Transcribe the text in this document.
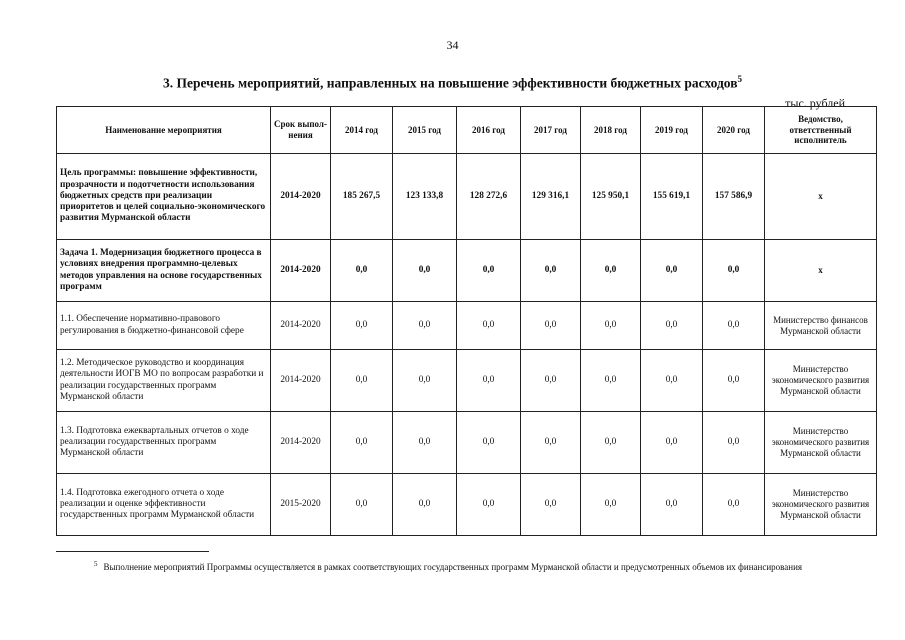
34
3. Перечень мероприятий, направленных на повышение эффективности бюджетных расходов$^5$
тыс. рублей
Наименование мероприятия	Срок выпол-нения	2014 год	2015 год	2016 год	2017 год	2018 год	2019 год	2020 год	Ведомство, ответственный исполнитель
Цель программы: повышение эффективности, прозрачности и подотчетности использования бюджетных средств при реализации приоритетов и целей социально-экономического развития Мурманской области	2014-2020	185 267,5	123 133,8	128 272,6	129 316,1	125 950,1	155 619,1	157 586,9	х
Задача 1. Модернизация бюджетного процесса в условиях внедрения программно-целевых методов управления на основе государственных программ	2014-2020	0,0	0,0	0,0	0,0	0,0	0,0	0,0	х
1.1. Обеспечение нормативно-правового регулирования в бюджетно-финансовой сфере	2014-2020	0,0	0,0	0,0	0,0	0,0	0,0	0,0	Министерство финансов Мурманской области
1.2. Методическое руководство и координация деятельности ИОГВ МО по вопросам разработки и реализации государственных программ Мурманской области	2014-2020	0,0	0,0	0,0	0,0	0,0	0,0	0,0	Министерство экономического развития Мурманской области
1.3. Подготовка ежеквартальных отчетов о ходе реализации государственных программ Мурманской области	2014-2020	0,0	0,0	0,0	0,0	0,0	0,0	0,0	Министерство экономического развития Мурманской области
1.4. Подготовка ежегодного отчета о ходе реализации и оценке эффективности государственных программ Мурманской области	2015-2020	0,0	0,0	0,0	0,0	0,0	0,0	0,0	Министерство экономического развития Мурманской области
$^5$ Выполнение мероприятий Программы осуществляется в рамках соответствующих государственных программ Мурманской области и предусмотренных объемов их финансирования
